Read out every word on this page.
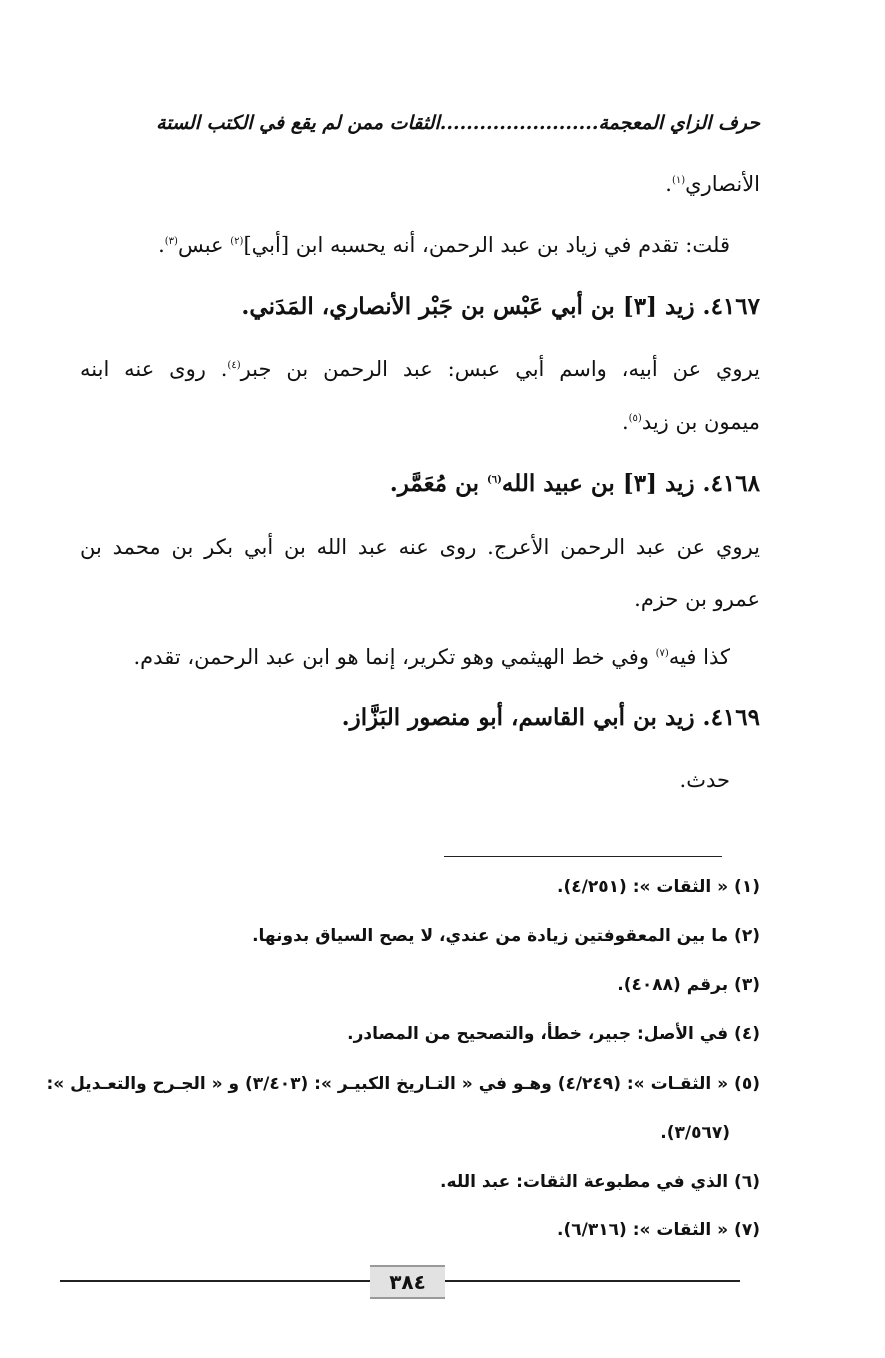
حرف الزاي المعجمة........................الثقات ممن لم يقع في الكتب الستة
الأنصاري$^{(١)}$.
قلت: تقدم في زياد بن عبد الرحمن، أنه يحسبه ابن [أبي]$^{(٢)}$ عبس$^{(٣)}$.
٤١٦٧. زيد [٣] بن أبي عَبْس بن جَبْر الأنصاري، المَدَني.
يروي عن أبيه، واسم أبي عبس: عبد الرحمن بن جبر$^{(٤)}$. روى عنه ابنه
ميمون بن زيد$^{(٥)}$.
٤١٦٨. زيد [٣] بن عبيد الله$^{(٦)}$ بن مُعَمَّر.
يروي عن عبد الرحمن الأعرج. روى عنه عبد الله بن أبي بكر بن محمد بن
عمرو بن حزم.
كذا فيه$^{(٧)}$ وفي خط الهيثمي وهو تكرير، إنما هو ابن عبد الرحمن، تقدم.
٤١٦٩. زيد بن أبي القاسم، أبو منصور البَزَّاز.
حدث.
(١) « الثقات »: (٤/٢٥١).
(٢) ما بين المعقوفتين زيادة من عندي، لا يصح السياق بدونها.
(٣) برقم (٤٠٨٨).
(٤) في الأصل: جبير، خطأ، والتصحيح من المصادر.
(٥) « الثقـات »: (٤/٢٤٩) وهـو في « التـاريخ الكبيـر »: (٣/٤٠٣) و « الجـرح والتعـديل »:
(٣/٥٦٧).
(٦) الذي في مطبوعة الثقات: عبد الله.
(٧) « الثقات »: (٦/٣١٦).
٣٨٤
